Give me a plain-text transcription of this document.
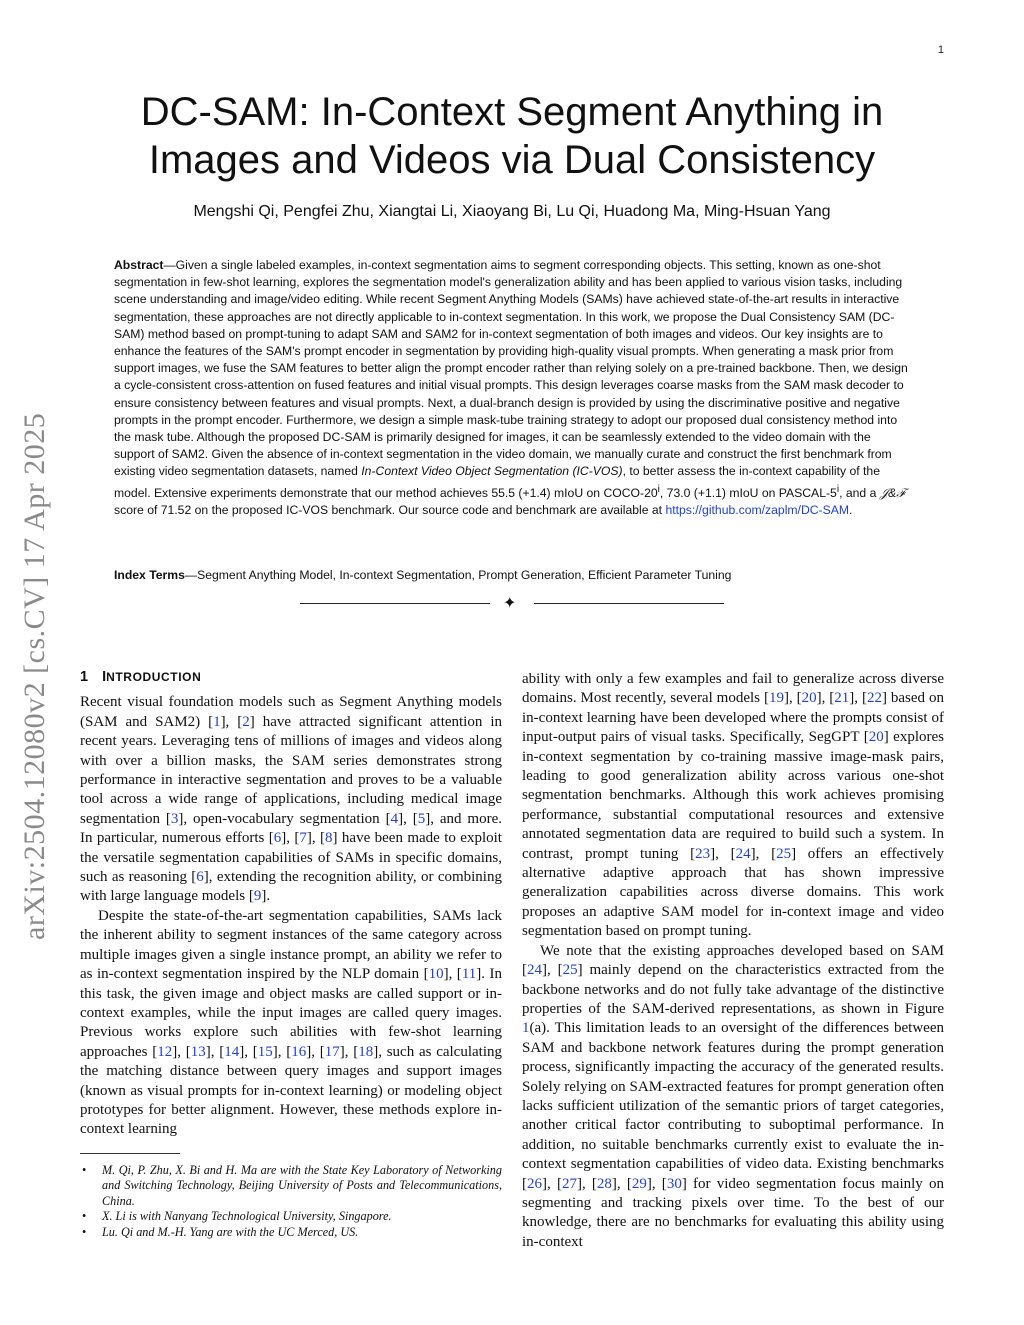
1
DC-SAM: In-Context Segment Anything in Images and Videos via Dual Consistency
Mengshi Qi, Pengfei Zhu, Xiangtai Li, Xiaoyang Bi, Lu Qi, Huadong Ma, Ming-Hsuan Yang

Abstract—Given a single labeled examples, in-context segmentation aims to segment corresponding objects. This setting, known as one-shot segmentation in few-shot learning, explores the segmentation model's generalization ability and has been applied to various vision tasks, including scene understanding and image/video editing. While recent Segment Anything Models (SAMs) have achieved state-of-the-art results in interactive segmentation, these approaches are not directly applicable to in-context segmentation. In this work, we propose the Dual Consistency SAM (DC-SAM) method based on prompt-tuning to adapt SAM and SAM2 for in-context segmentation of both images and videos. Our key insights are to enhance the features of the SAM's prompt encoder in segmentation by providing high-quality visual prompts. When generating a mask prior from support images, we fuse the SAM features to better align the prompt encoder rather than relying solely on a pre-trained backbone. Then, we design a cycle-consistent cross-attention on fused features and initial visual prompts. This design leverages coarse masks from the SAM mask decoder to ensure consistency between features and visual prompts. Next, a dual-branch design is provided by using the discriminative positive and negative prompts in the prompt encoder. Furthermore, we design a simple mask-tube training strategy to adopt our proposed dual consistency method into the mask tube. Although the proposed DC-SAM is primarily designed for images, it can be seamlessly extended to the video domain with the support of SAM2. Given the absence of in-context segmentation in the video domain, we manually curate and construct the first benchmark from existing video segmentation datasets, named In-Context Video Object Segmentation (IC-VOS), to better assess the in-context capability of the model. Extensive experiments demonstrate that our method achieves 55.5 (+1.4) mIoU on COCO-20$^i$, 73.0 (+1.1) mIoU on PASCAL-5$^i$, and a 𝒥&ℱ score of 71.52 on the proposed IC-VOS benchmark. Our source code and benchmark are available at https://github.com/zaplm/DC-SAM.

Index Terms—Segment Anything Model, In-context Segmentation, Prompt Generation, Efficient Parameter Tuning

✦
arXiv:2504.12080v2 [cs.CV] 17 Apr 2025 1 INTRODUCTION

Recent visual foundation models such as Segment Anything models (SAM and SAM2) [1], [2] have attracted significant attention in recent years. Leveraging tens of millions of images and videos along with over a billion masks, the SAM series demonstrates strong performance in interactive segmentation and proves to be a valuable tool across a wide range of applications, including medical image segmentation [3], open-vocabulary segmentation [4], [5], and more. In particular, numerous efforts [6], [7], [8] have been made to exploit the versatile segmentation capabilities of SAMs in specific domains, such as reasoning [6], extending the recognition ability, or combining with large language models [9].

Despite the state-of-the-art segmentation capabilities, SAMs lack the inherent ability to segment instances of the same category across multiple images given a single instance prompt, an ability we refer to as in-context segmentation inspired by the NLP domain [10], [11]. In this task, the given image and object masks are called support or in-context examples, while the input images are called query images. Previous works explore such abilities with few-shot learning approaches [12], [13], [14], [15], [16], [17], [18], such as calculating the matching distance between query images and support images (known as visual prompts for in-context learning) or modeling object prototypes for better alignment. However, these methods explore in-context learning

• M. Qi, P. Zhu, X. Bi and H. Ma are with the State Key Laboratory of Networking and Switching Technology, Beijing University of Posts and Telecommunications, China.
• X. Li is with Nanyang Technological University, Singapore.
• Lu. Qi and M.-H. Yang are with the UC Merced, US.

ability with only a few examples and fail to generalize across diverse domains. Most recently, several models [19], [20], [21], [22] based on in-context learning have been developed where the prompts consist of input-output pairs of visual tasks. Specifically, SegGPT [20] explores in-context segmentation by co-training massive image-mask pairs, leading to good generalization ability across various one-shot segmentation benchmarks. Although this work achieves promising performance, substantial computational resources and extensive annotated segmentation data are required to build such a system. In contrast, prompt tuning [23], [24], [25] offers an effectively alternative adaptive approach that has shown impressive generalization capabilities across diverse domains. This work proposes an adaptive SAM model for in-context image and video segmentation based on prompt tuning.

We note that the existing approaches developed based on SAM [24], [25] mainly depend on the characteristics extracted from the backbone networks and do not fully take advantage of the distinctive properties of the SAM-derived representations, as shown in Figure 1(a). This limitation leads to an oversight of the differences between SAM and backbone network features during the prompt generation process, significantly impacting the accuracy of the generated results. Solely relying on SAM-extracted features for prompt generation often lacks sufficient utilization of the semantic priors of target categories, another critical factor contributing to suboptimal performance. In addition, no suitable benchmarks currently exist to evaluate the in-context segmentation capabilities of video data. Existing benchmarks [26], [27], [28], [29], [30] for video segmentation focus mainly on segmenting and tracking pixels over time. To the best of our knowledge, there are no benchmarks for evaluating this ability using in-context
